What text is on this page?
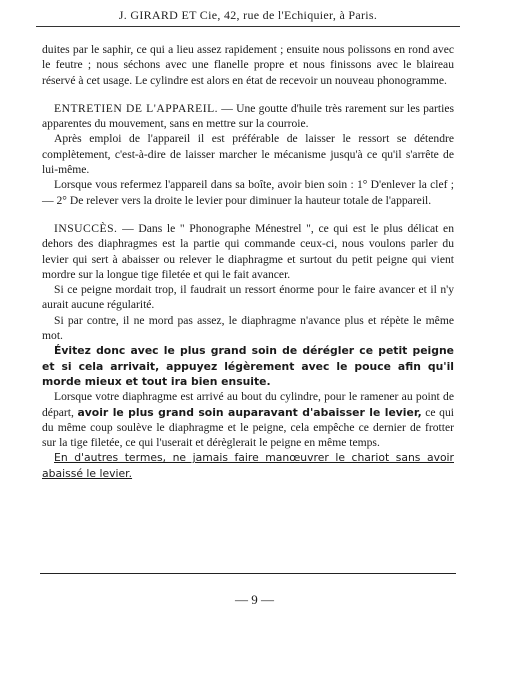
J. GIRARD ET Cie, 42, rue de l'Echiquier, à Paris.

duites par le saphir, ce qui a lieu assez rapidement ; ensuite nous polissons en rond avec le feutre ; nous séchons avec une flanelle propre et nous finissons avec le blaireau réservé à cet usage. Le cylindre est alors en état de recevoir un nouveau phonogramme.

ENTRETIEN DE L'APPAREIL. — Une goutte d'huile très rarement sur les parties apparentes du mouvement, sans en mettre sur la courroie.

Après emploi de l'appareil il est préférable de laisser le ressort se détendre complètement, c'est-à-dire de laisser marcher le mécanisme jusqu'à ce qu'il s'arrête de lui-même.

Lorsque vous refermez l'appareil dans sa boîte, avoir bien soin : 1° D'enlever la clef ; — 2° De relever vers la droite le levier pour diminuer la hauteur totale de l'appareil.

INSUCCÈS. — Dans le " Phonographe Ménestrel ", ce qui est le plus délicat en dehors des diaphragmes est la partie qui commande ceux-ci, nous voulons parler du levier qui sert à abaisser ou relever le diaphragme et surtout du petit peigne qui vient mordre sur la longue tige filetée et qui le fait avancer.

Si ce peigne mordait trop, il faudrait un ressort énorme pour le faire avancer et il n'y aurait aucune régularité.

Si par contre, il ne mord pas assez, le diaphragme n'avance plus et répète le même mot.

Évitez donc avec le plus grand soin de dérégler ce petit peigne et si cela arrivait, appuyez légèrement avec le pouce afin qu'il morde mieux et tout ira bien ensuite.

Lorsque votre diaphragme est arrivé au bout du cylindre, pour le ramener au point de départ, avoir le plus grand soin auparavant d'abaisser le levier, ce qui du même coup soulève le diaphragme et le peigne, cela empêche ce dernier de frotter sur la tige filetée, ce qui l'userait et dérèglerait le peigne en même temps.

En d'autres termes, ne jamais faire manœuvrer le chariot sans avoir abaissé le levier.

— 9 —
